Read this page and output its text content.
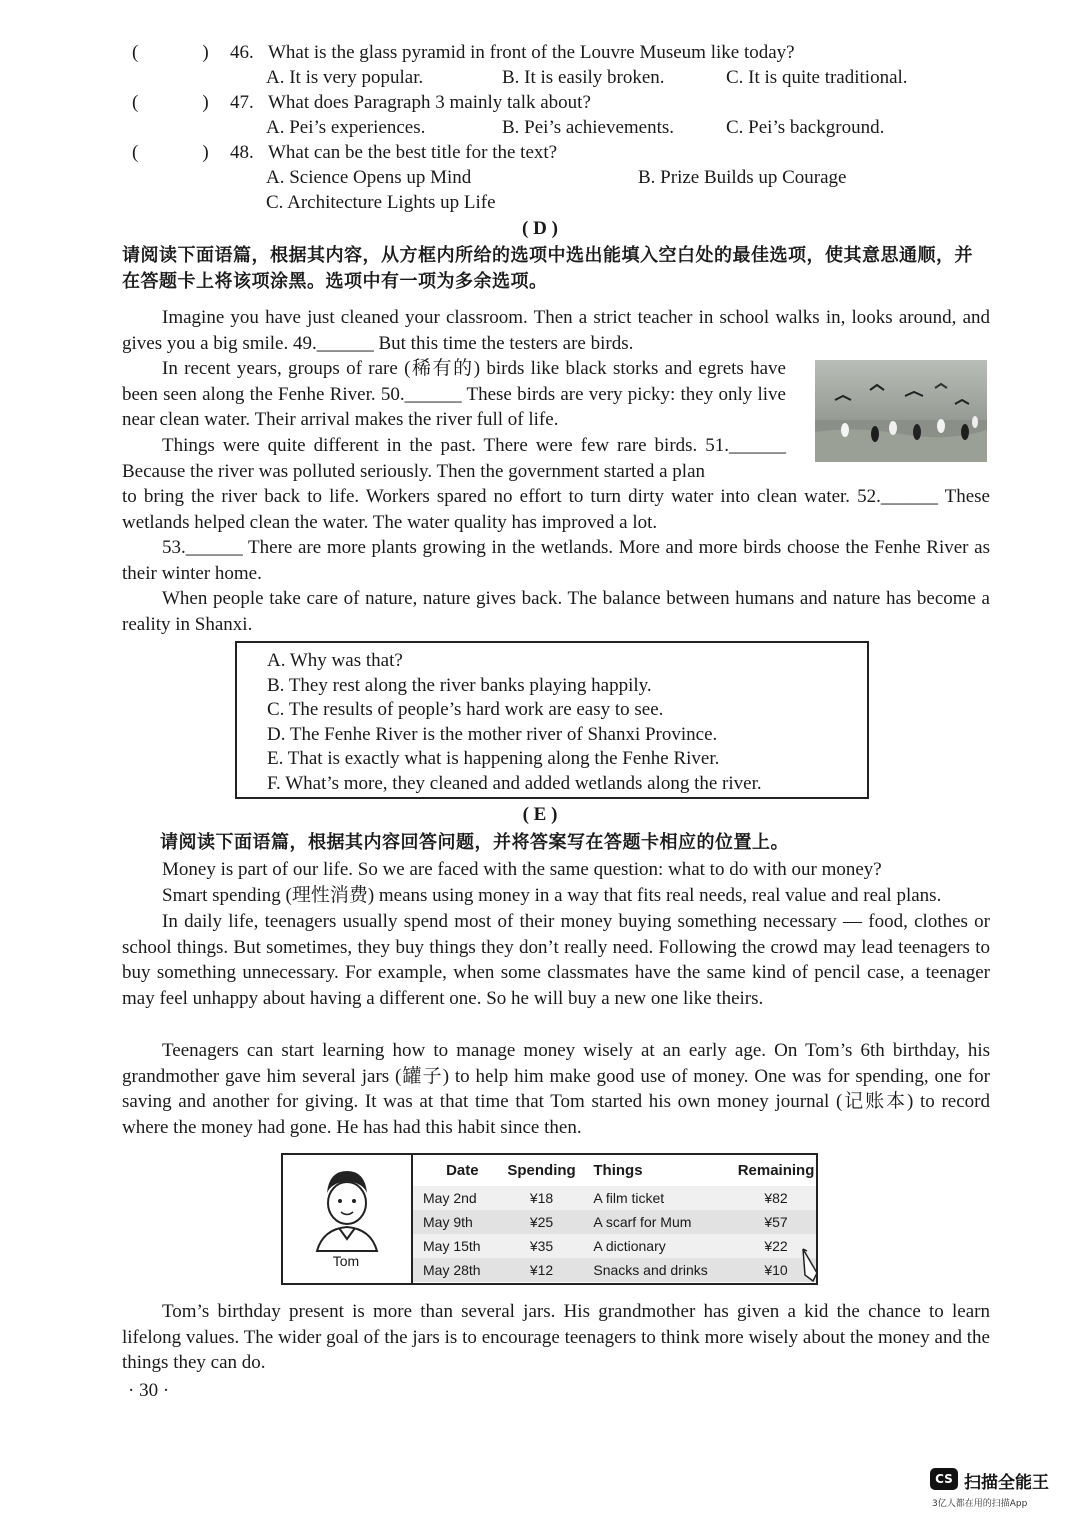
(	) 46. What is the glass pyramid in front of the Louvre Museum like today?
A. It is very popular.	B. It is easily broken.	C. It is quite traditional.
(	) 47. What does Paragraph 3 mainly talk about?
A. Pei’s experiences.	B. Pei’s achievements.	C. Pei’s background.
(	) 48. What can be the best title for the text?
A. Science Opens up Mind	B. Prize Builds up Courage
C. Architecture Lights up Life
( D )
请阅读下面语篇，根据其内容，从方框内所给的选项中选出能填入空白处的最佳选项，使其意思通顺，并在答题卡上将该项涂黑。选项中有一项为多余选项。
Imagine you have just cleaned your classroom. Then a strict teacher in school walks in, looks around, and gives you a big smile. 49.______ But this time the testers are birds.
In recent years, groups of rare (稀有的) birds like black storks and egrets have been seen along the Fenhe River. 50.______ These birds are very picky: they only live near clean water. Their arrival makes the river full of life.
Things were quite different in the past. There were few rare birds. 51.______ Because the river was polluted seriously. Then the government started a plan
to bring the river back to life. Workers spared no effort to turn dirty water into clean water. 52.______ These wetlands helped clean the water. The water quality has improved a lot.
53.______ There are more plants growing in the wetlands. More and more birds choose the Fenhe River as their winter home.
When people take care of nature, nature gives back. The balance between humans and nature has become a reality in Shanxi.
A. Why was that?
B. They rest along the river banks playing happily.
C. The results of people’s hard work are easy to see.
D. The Fenhe River is the mother river of Shanxi Province.
E. That is exactly what is happening along the Fenhe River.
F. What’s more, they cleaned and added wetlands along the river.
( E )
请阅读下面语篇，根据其内容回答问题，并将答案写在答题卡相应的位置上。
Money is part of our life. So we are faced with the same question: what to do with our money?
Smart spending (理性消费) means using money in a way that fits real needs, real value and real plans.
In daily life, teenagers usually spend most of their money buying something necessary — food, clothes or school things. But sometimes, they buy things they don’t really need. Following the crowd may lead teenagers to buy something unnecessary. For example, when some classmates have the same kind of pencil case, a teenager may feel unhappy about having a different one. So he will buy a new one like theirs.
Teenagers can start learning how to manage money wisely at an early age. On Tom’s 6th birthday, his grandmother gave him several jars (罐子) to help him make good use of money. One was for spending, one for saving and another for giving. It was at that time that Tom started his own money journal (记账本) to record where the money had gone. He has had this habit since then.
Tom
Date	Spending	Things	Remaining
May 2nd	¥18	A film ticket	¥82
May 9th	¥25	A scarf for Mum	¥57
May 15th	¥35	A dictionary	¥22
May 28th	¥12	Snacks and drinks	¥10
Tom’s birthday present is more than several jars. His grandmother has given a kid the chance to learn lifelong values. The wider goal of the jars is to encourage teenagers to think more wisely about the money and the things they can do.
· 30 ·
CS 扫描全能王
3亿人都在用的扫描App
